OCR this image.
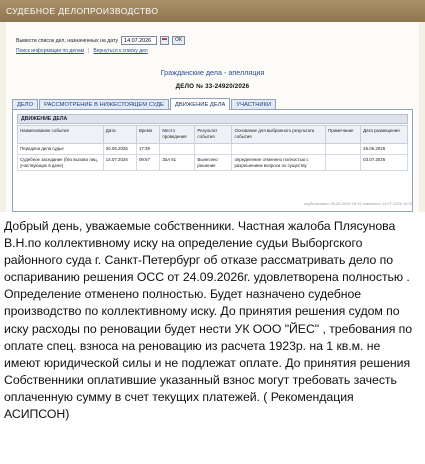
СУДЕБНОЕ ДЕЛОПРОИЗВОДСТВО
Вывести список дел, назначенных на дату
14.07.2026	ОК
Поиск информации по делам | Вернуться к списку дел
Гражданские дела - апелляция
ДЕЛО № 33-24920/2026
ДЕЛО	РАССМОТРЕНИЕ В НИЖЕСТОЯЩЕМ СУДЕ	ДВИЖЕНИЕ ДЕЛА	УЧАСТНИКИ
ДВИЖЕНИЕ ДЕЛА
Наименование события	Дата	Время	Место проведения	Результат события	Основание для выбранного результата события	Примечание	Дата размещения
Передача дела судье	26.06.2026	17:39					26.06.2026
Судебное заседание (без вызова лиц, участвующих в деле)	14.07.2026	09:57	Зал 61	Вынесено решение	определение отменено полностью с разрешением вопроса по существу		03.07.2026
опубликовано 25.06.2026 19:32 изменено 14.07.2026 10:37

Добрый день, уважаемые собственники. Частная жалоба Плясунова В.Н.по коллективному иску на определение судьи Выборгского районного суда г. Санкт-Петербург об отказе рассматривать дело по оспариванию решения ОСС от 24.09.2026г. удовлетворена полностью . Определение отменено полностью. Будет назначено судебное производство по коллективному иску. До принятия решения судом по иску расходы по реновации будет нести УК ООО "ЙЕС" , требования по оплате спец. взноса на реновацию из расчета 1923р. на 1 кв.м. не имеют юридической силы и не подлежат оплате. До принятия решения Собственники оплатившие указанный взнос могут требовать зачесть оплаченную сумму в счет текущих платежей. ( Рекомендация АСИПСОН)
